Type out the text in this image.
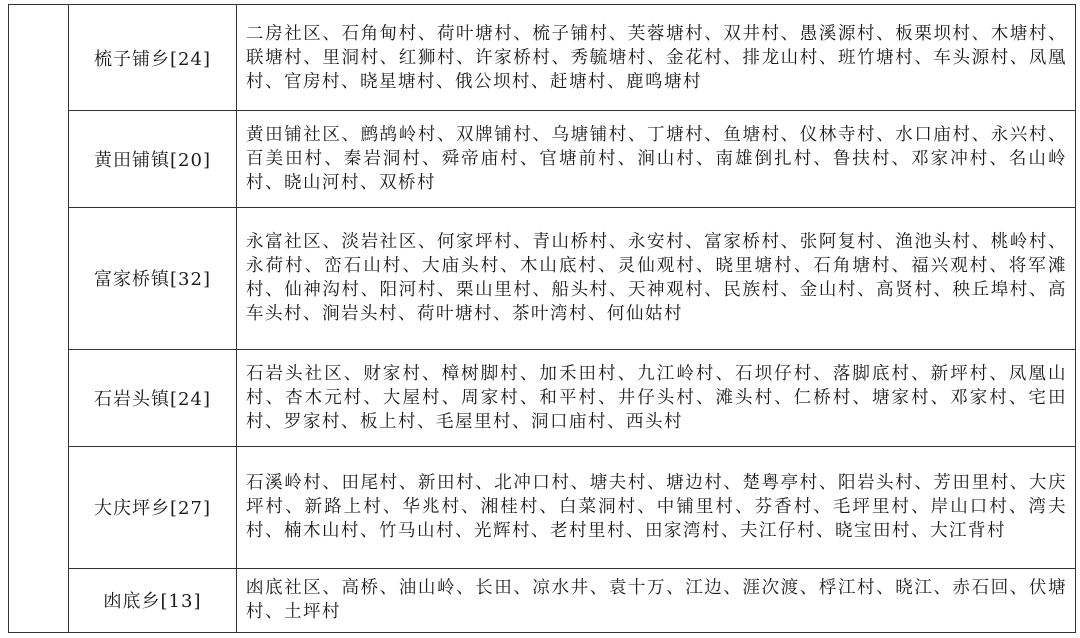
	梳子铺乡[24]	二房社区、石角甸村、荷叶塘村、梳子铺村、芙蓉塘村、双井村、愚溪源村、板栗坝村、木塘村、联塘村、里洞村、红狮村、许家桥村、秀毓塘村、金花村、排龙山村、班竹塘村、车头源村、凤凰村、官房村、晓星塘村、俄公坝村、赶塘村、鹿鸣塘村
	黄田铺镇[20]	黄田铺社区、鹧鸪岭村、双牌铺村、乌塘铺村、丁塘村、鱼塘村、仪林寺村、水口庙村、永兴村、百美田村、秦岩洞村、舜帝庙村、官塘前村、涧山村、南雄倒扎村、鲁扶村、邓家冲村、名山岭村、晓山河村、双桥村
	富家桥镇[32]	永富社区、淡岩社区、何家坪村、青山桥村、永安村、富家桥村、张阿复村、渔池头村、桃岭村、永荷村、峦石山村、大庙头村、木山底村、灵仙观村、晓里塘村、石角塘村、福兴观村、将军滩村、仙神沟村、阳河村、栗山里村、船头村、天神观村、民族村、金山村、高贤村、秧丘埠村、高车头村、涧岩头村、荷叶塘村、茶叶湾村、何仙姑村
	石岩头镇[24]	石岩头社区、财家村、樟树脚村、加禾田村、九江岭村、石坝仔村、落脚底村、新坪村、凤凰山村、杏木元村、大屋村、周家村、和平村、井仔头村、滩头村、仁桥村、塘家村、邓家村、宅田村、罗家村、板上村、毛屋里村、洞口庙村、西头村
	大庆坪乡[27]	石溪岭村、田尾村、新田村、北冲口村、塘夫村、塘边村、楚粤亭村、阳岩头村、芳田里村、大庆坪村、新路上村、华兆村、湘桂村、白菜洞村、中铺里村、芬香村、毛坪里村、岸山口村、湾夫村、楠木山村、竹马山村、光辉村、老村里村、田家湾村、夫江仔村、晓宝田村、大江背村
	凼底乡[13]	凼底社区、高桥、油山岭、长田、凉水井、袁十万、江边、涯次渡、桴江村、晓江、赤石回、伏塘村、土坪村
